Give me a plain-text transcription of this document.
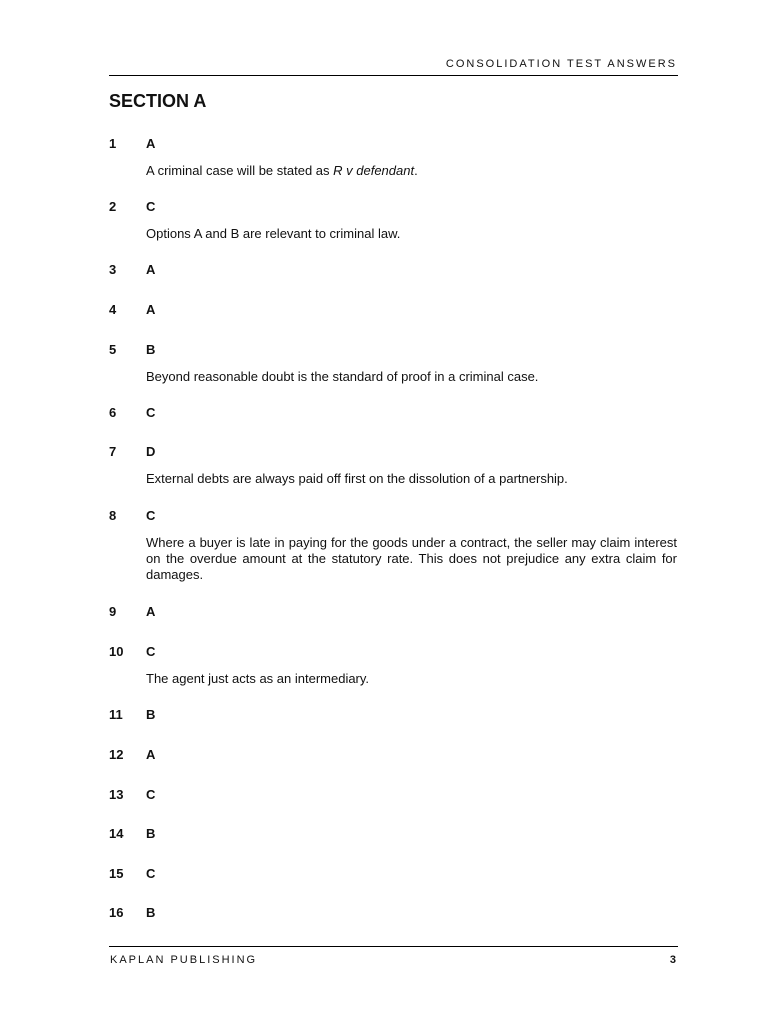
CONSOLIDATION TEST ANSWERS
SECTION A
1 A
A criminal case will be stated as R v defendant.
2 C
Options A and B are relevant to criminal law.
3 A
4 A
5 B
Beyond reasonable doubt is the standard of proof in a criminal case.
6 C
7 D
External debts are always paid off first on the dissolution of a partnership.
8 C
Where a buyer is late in paying for the goods under a contract, the seller may claim interest on the overdue amount at the statutory rate. This does not prejudice any extra claim for damages.
9 A
10 C
The agent just acts as an intermediary.
11 B
12 A
13 C
14 B
15 C
16 B
KAPLAN PUBLISHING	3
